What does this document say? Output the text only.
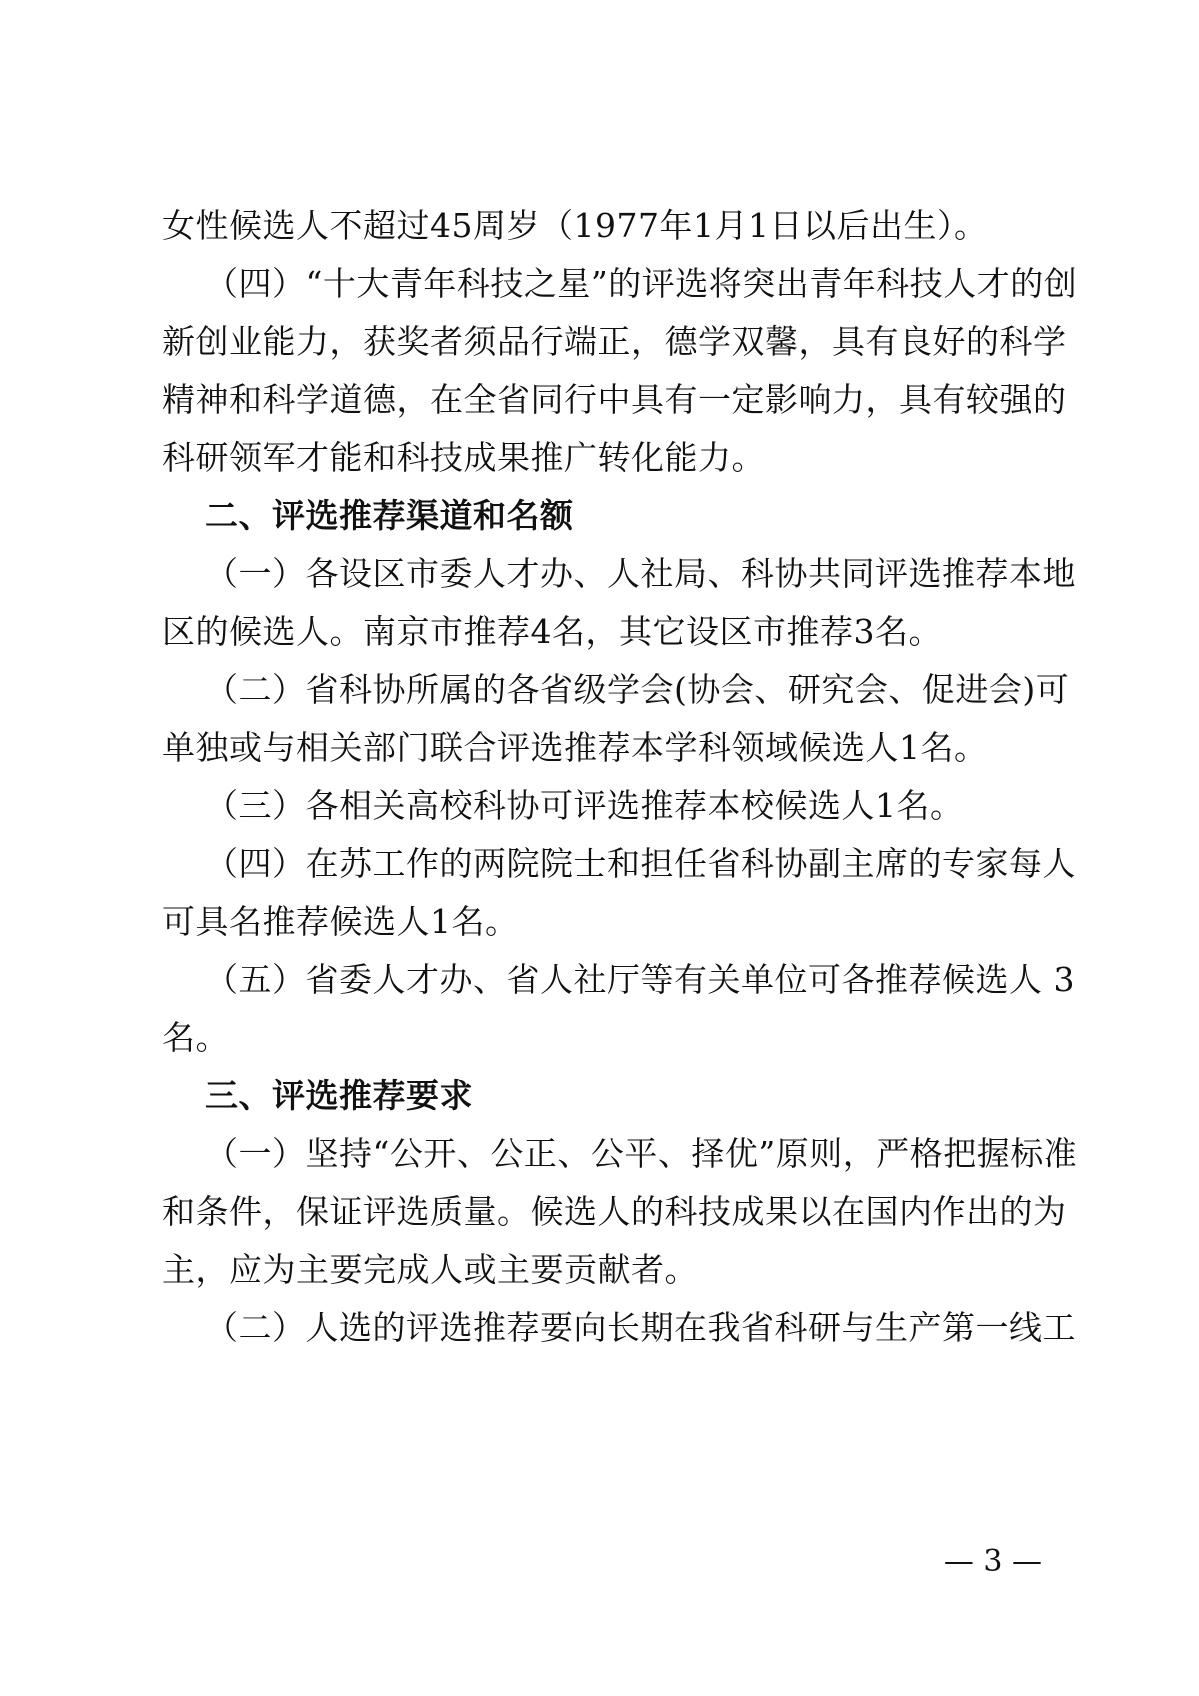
女性候选人不超过45周岁（1977年1月1日以后出生）。
（四）“十大青年科技之星”的评选将突出青年科技人才的创
新创业能力，获奖者须品行端正，德学双馨，具有良好的科学
精神和科学道德，在全省同行中具有一定影响力，具有较强的
科研领军才能和科技成果推广转化能力。
二、评选推荐渠道和名额
（一）各设区市委人才办、人社局、科协共同评选推荐本地
区的候选人。南京市推荐4名，其它设区市推荐3名。
（二）省科协所属的各省级学会(协会、研究会、促进会)可
单独或与相关部门联合评选推荐本学科领域候选人1名。
（三）各相关高校科协可评选推荐本校候选人1名。
（四）在苏工作的两院院士和担任省科协副主席的专家每人
可具名推荐候选人1名。
（五）省委人才办、省人社厅等有关单位可各推荐候选人 3
名。
三、评选推荐要求
（一）坚持“公开、公正、公平、择优”原则，严格把握标准
和条件，保证评选质量。候选人的科技成果以在国内作出的为
主，应为主要完成人或主要贡献者。
（二）人选的评选推荐要向长期在我省科研与生产第一线工
— 3 —
